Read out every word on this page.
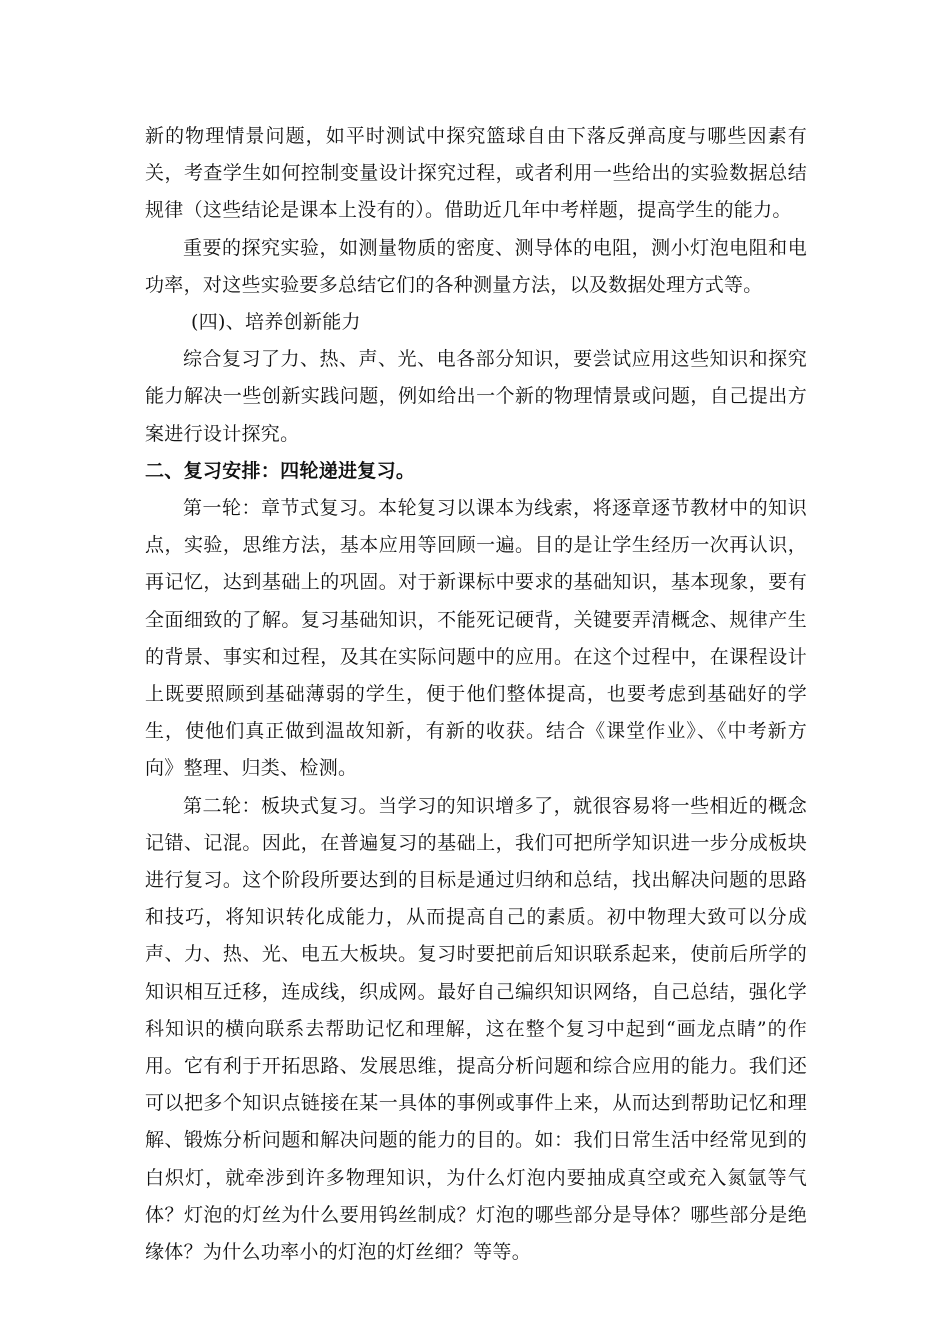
新的物理情景问题，如平时测试中探究篮球自由下落反弹高度与哪些因素有关，考查学生如何控制变量设计探究过程，或者利用一些给出的实验数据总结规律（这些结论是课本上没有的）。借助近几年中考样题，提高学生的能力。

重要的探究实验，如测量物质的密度、测导体的电阻，测小灯泡电阻和电功率，对这些实验要多总结它们的各种测量方法，以及数据处理方式等。

(四)、培养创新能力

综合复习了力、热、声、光、电各部分知识，要尝试应用这些知识和探究能力解决一些创新实践问题，例如给出一个新的物理情景或问题，自己提出方案进行设计探究。

二、复习安排：四轮递进复习。

第一轮：章节式复习。本轮复习以课本为线索，将逐章逐节教材中的知识点，实验，思维方法，基本应用等回顾一遍。目的是让学生经历一次再认识，再记忆，达到基础上的巩固。对于新课标中要求的基础知识，基本现象，要有全面细致的了解。复习基础知识，不能死记硬背，关键要弄清概念、规律产生的背景、事实和过程，及其在实际问题中的应用。在这个过程中，在课程设计上既要照顾到基础薄弱的学生，便于他们整体提高，也要考虑到基础好的学生，使他们真正做到温故知新，有新的收获。结合《课堂作业》、《中考新方向》整理、归类、检测。

第二轮：板块式复习。当学习的知识增多了，就很容易将一些相近的概念记错、记混。因此，在普遍复习的基础上，我们可把所学知识进一步分成板块进行复习。这个阶段所要达到的目标是通过归纳和总结，找出解决问题的思路和技巧，将知识转化成能力，从而提高自己的素质。初中物理大致可以分成声、力、热、光、电五大板块。复习时要把前后知识联系起来，使前后所学的知识相互迁移，连成线，织成网。最好自己编织知识网络，自己总结，强化学科知识的横向联系去帮助记忆和理解，这在整个复习中起到“画龙点睛”的作用。它有利于开拓思路、发展思维，提高分析问题和综合应用的能力。我们还可以把多个知识点链接在某一具体的事例或事件上来，从而达到帮助记忆和理解、锻炼分析问题和解决问题的能力的目的。如：我们日常生活中经常见到的白炽灯，就牵涉到许多物理知识，为什么灯泡内要抽成真空或充入氮氩等气体？灯泡的灯丝为什么要用钨丝制成？灯泡的哪些部分是导体？哪些部分是绝缘体？为什么功率小的灯泡的灯丝细？等等。
